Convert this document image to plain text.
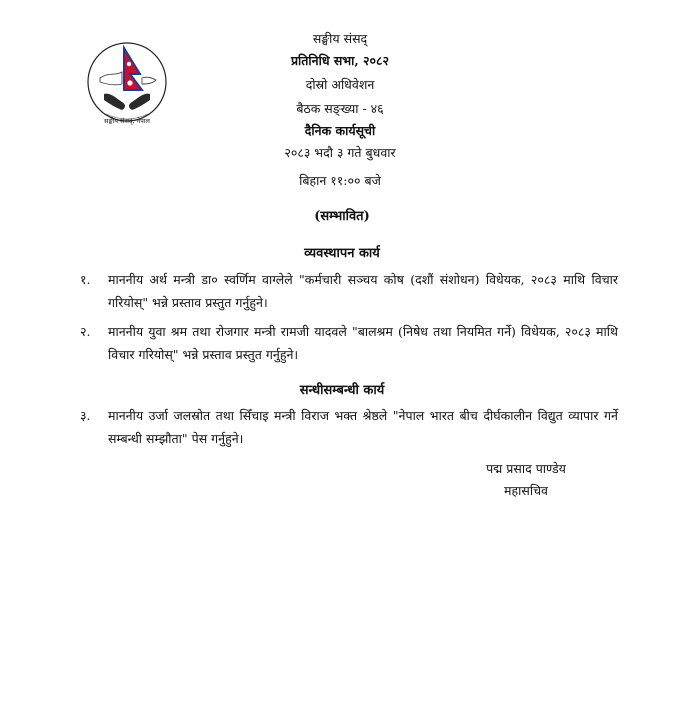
सङ्घीय संसद्, नेपाल
सङ्घीय संसद्
प्रतिनिधि सभा, २०८२
दोस्रो अधिवेशन
बैठक सङ्ख्या - ४६
दैनिक कार्यसूची
२०८३ भदौ ३ गते बुधवार
बिहान ११:०० बजे
(सम्भावित)
व्यवस्थापन कार्य
१.	माननीय अर्थ मन्त्री डा० स्वर्णिम वाग्लेले "कर्मचारी सञ्चय कोष (दशौं संशोधन) विधेयक, २०८३ माथि विचार गरियोस्" भन्ने प्रस्ताव प्रस्तुत गर्नुहुने।
२.	माननीय युवा श्रम तथा रोजगार मन्त्री रामजी यादवले "बालश्रम (निषेध तथा नियमित गर्ने) विधेयक, २०८३ माथि विचार गरियोस्" भन्ने प्रस्ताव प्रस्तुत गर्नुहुने।
सन्धीसम्बन्धी कार्य
३.	माननीय उर्जा जलस्रोत तथा सिँचाइ मन्त्री विराज भक्त श्रेष्ठले "नेपाल भारत बीच दीर्घकालीन विद्युत व्यापार गर्ने सम्बन्धी सम्झौता" पेस गर्नुहुने।
पद्म प्रसाद पाण्डेय
महासचिव
